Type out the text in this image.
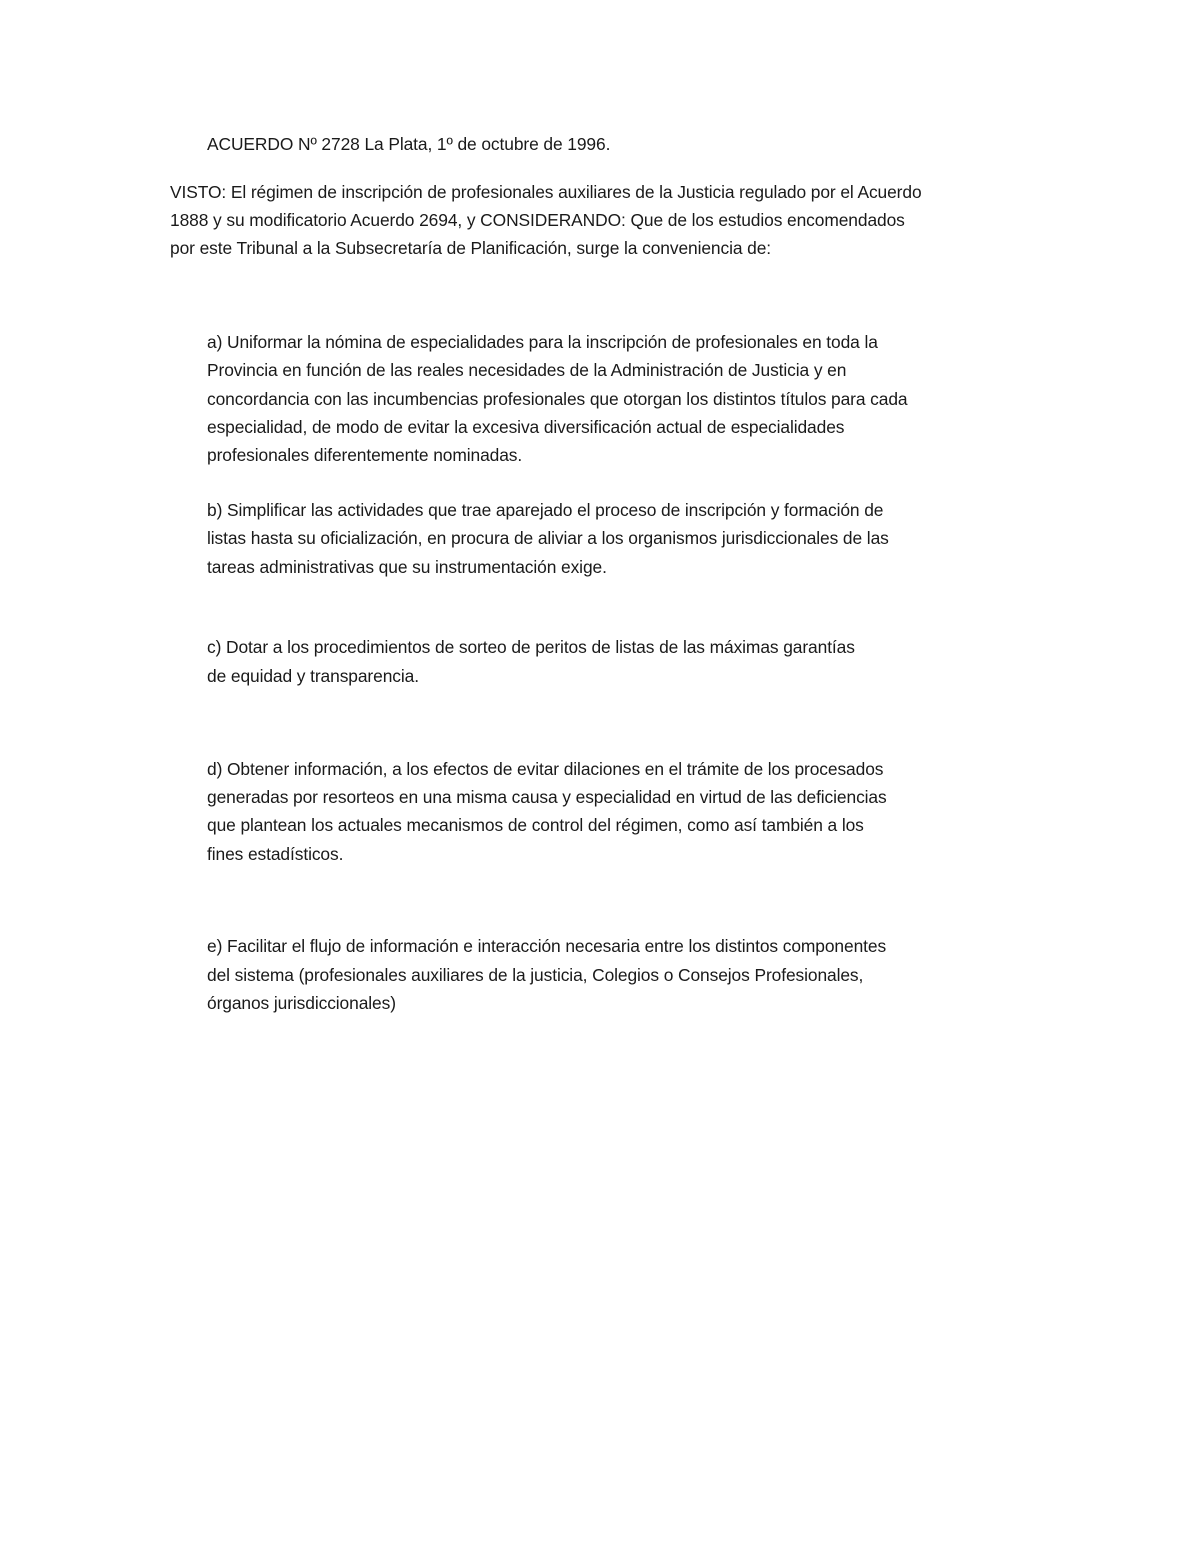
ACUERDO Nº 2728 La Plata, 1º de octubre de 1996.
VISTO: El régimen de inscripción de profesionales auxiliares de la Justicia regulado por el Acuerdo
1888 y su modificatorio Acuerdo 2694, y CONSIDERANDO: Que de los estudios encomendados
por este Tribunal a la Subsecretaría de Planificación, surge la conveniencia de:
a) Uniformar la nómina de especialidades para la inscripción de profesionales en toda la
Provincia en función de las reales necesidades de la Administración de Justicia y en
concordancia con las incumbencias profesionales que otorgan los distintos títulos para cada
especialidad, de modo de evitar la excesiva diversificación actual de especialidades
profesionales diferentemente nominadas.
b) Simplificar las actividades que trae aparejado el proceso de inscripción y formación de
listas hasta su oficialización, en procura de aliviar a los organismos jurisdiccionales de las
tareas administrativas que su instrumentación exige.
c) Dotar a los procedimientos de sorteo de peritos de listas de las máximas garantías
de equidad y transparencia.
d) Obtener información, a los efectos de evitar dilaciones en el trámite de los procesados
generadas por resorteos en una misma causa y especialidad en virtud de las deficiencias
que plantean los actuales mecanismos de control del régimen, como así también a los
fines estadísticos.
e) Facilitar el flujo de información e interacción necesaria entre los distintos componentes
del sistema (profesionales auxiliares de la justicia, Colegios o Consejos Profesionales,
órganos jurisdiccionales)
